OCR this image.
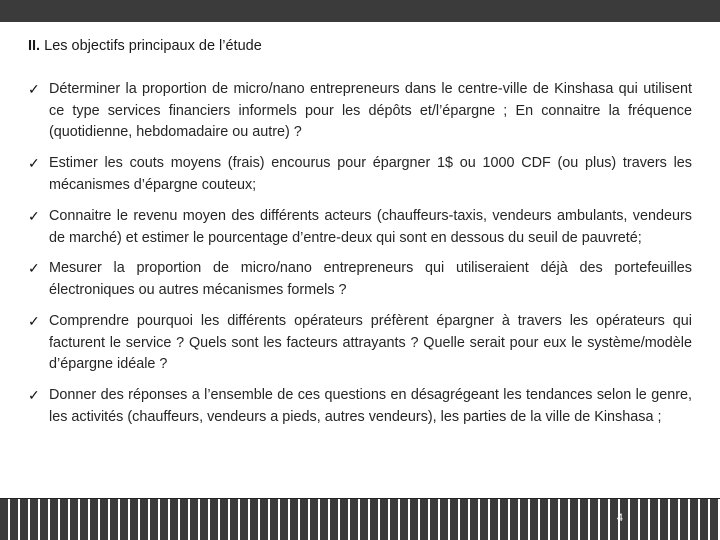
II. Les objectifs principaux de l’étude
✓ Déterminer la proportion de micro/nano entrepreneurs dans le centre-ville de Kinshasa qui utilisent ce type services financiers informels pour les dépôts et/l’épargne ; En connaitre la fréquence (quotidienne, hebdomadaire ou autre) ?
✓ Estimer les couts moyens (frais) encourus pour épargner 1$ ou 1000 CDF (ou plus) travers les mécanismes d’épargne couteux;
✓ Connaitre le revenu moyen des différents acteurs (chauffeurs-taxis, vendeurs ambulants, vendeurs de marché) et estimer le pourcentage d’entre-deux qui sont en dessous du seuil de pauvreté;
✓ Mesurer la proportion de micro/nano entrepreneurs qui utiliseraient déjà des portefeuilles électroniques ou autres mécanismes formels ?
✓ Comprendre pourquoi les différents opérateurs préfèrent épargner à travers les opérateurs qui facturent le service ? Quels sont les facteurs attrayants ? Quelle serait pour eux le système/modèle d’épargne idéale ?
✓ Donner des réponses a l’ensemble de ces questions en désagrégeant les tendances selon le genre, les activités (chauffeurs, vendeurs a pieds, autres vendeurs), les parties de la ville de Kinshasa ;
4
